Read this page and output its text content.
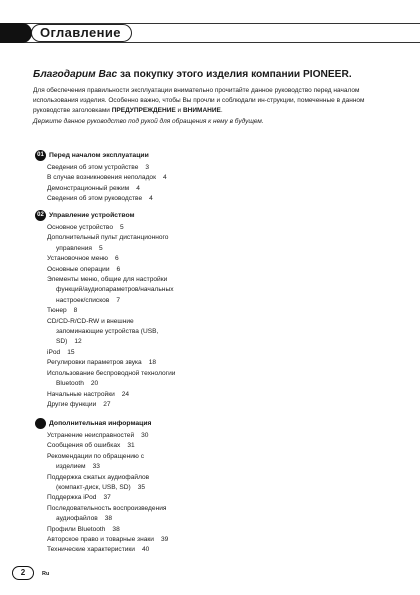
Оглавление
Благодарим Вас за покупку этого изделия компании PIONEER.
Для обеспечения правильности эксплуатации внимательно прочитайте данное руководство перед началом использования изделия. Особенно важно, чтобы Вы прочли и соблюдали ин-струкции, помеченные в данном руководстве заголовками ПРЕДУПРЕЖДЕНИЕ и ВНИМАНИЕ.
Держите данное руководство под рукой для обращения к нему в будущем.
01 Перед началом эксплуатации
Сведения об этом устройстве 3
В случае возникновения неполадок 4
Демонстрационный режим 4
Сведения об этом руководстве 4
02 Управление устройством
Основное устройство 5
Дополнительный пульт дистанционного
управления 5
Установочное меню 6
Основные операции 6
Элементы меню, общие для настройки
функций/аудиопараметров/начальных
настроек/списков 7
Тюнер 8
CD/CD-R/CD-RW и внешние
запоминающие устройства (USB,
SD) 12
iPod 15
Регулировки параметров звука 18
Использование беспроводной технологии
Bluetooth 20
Начальные настройки 24
Другие функции 27
Дополнительная информация
Устранение неисправностей 30
Сообщения об ошибках 31
Рекомендации по обращению с
изделием 33
Поддержка сжатых аудиофайлов
(компакт-диск, USB, SD) 35
Поддержка iPod 37
Последовательность воспроизведения
аудиофайлов 38
Профили Bluetooth 38
Авторское право и товарные знаки 39
Технические характеристики 40
2	Ru
